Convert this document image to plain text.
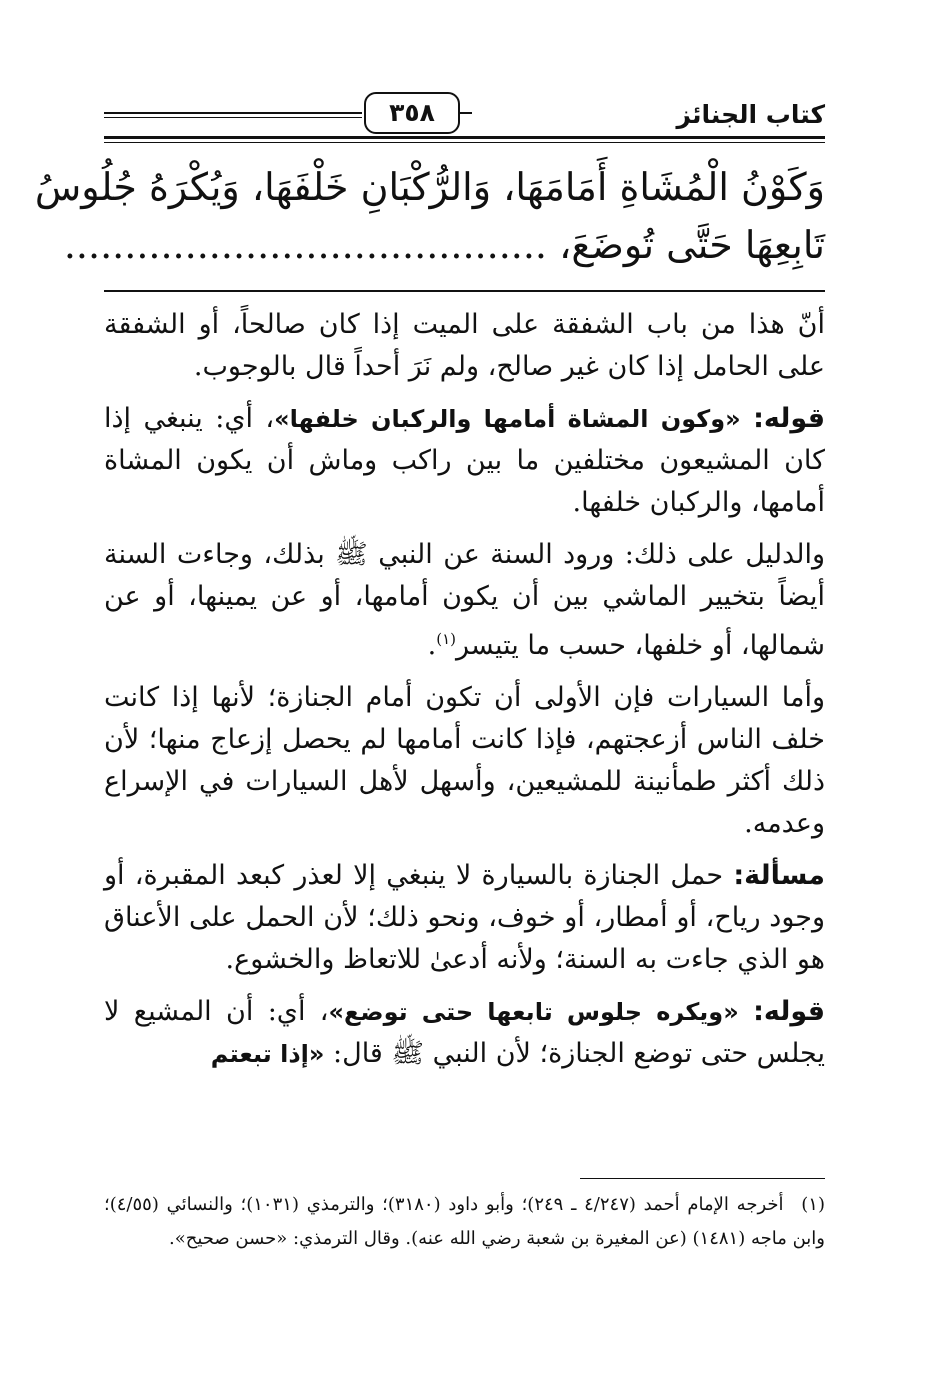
كتاب الجنائز
٣٥٨
وَكَوْنُ الْمُشَاةِ أَمَامَهَا، وَالرُّكْبَانِ خَلْفَهَا، وَيُكْرَهُ جُلُوسُ
تَابِعِهَا حَتَّى تُوضَعَ، ........................................

أنّ هذا من باب الشفقة على الميت إذا كان صالحاً، أو الشفقة على الحامل إذا كان غير صالح، ولم نَرَ أحداً قال بالوجوب.

قوله: «وكون المشاة أمامها والركبان خلفها»، أي: ينبغي إذا كان المشيعون مختلفين ما بين راكب وماش أن يكون المشاة أمامها، والركبان خلفها.

والدليل على ذلك: ورود السنة عن النبي ﷺ بذلك، وجاءت السنة أيضاً بتخيير الماشي بين أن يكون أمامها، أو عن يمينها، أو عن شمالها، أو خلفها، حسب ما يتيسر$^{(١)}$.

وأما السيارات فإن الأولى أن تكون أمام الجنازة؛ لأنها إذا كانت خلف الناس أزعجتهم، فإذا كانت أمامها لم يحصل إزعاج منها؛ لأن ذلك أكثر طمأنينة للمشيعين، وأسهل لأهل السيارات في الإسراع وعدمه.

مسألة: حمل الجنازة بالسيارة لا ينبغي إلا لعذر كبعد المقبرة، أو وجود رياح، أو أمطار، أو خوف، ونحو ذلك؛ لأن الحمل على الأعناق هو الذي جاءت به السنة؛ ولأنه أدعىٰ للاتعاظ والخشوع.

قوله: «ويكره جلوس تابعها حتى توضع»، أي: أن المشيع لا يجلس حتى توضع الجنازة؛ لأن النبي ﷺ قال: «إذا تبعتم

(١) أخرجه الإمام أحمد (٤/٢٤٧ ـ ٢٤٩)؛ وأبو داود (٣١٨٠)؛ والترمذي (١٠٣١)؛ والنسائي (٤/٥٥)؛ وابن ماجه (١٤٨١) (عن المغيرة بن شعبة رضي الله عنه). وقال الترمذي: «حسن صحيح».
